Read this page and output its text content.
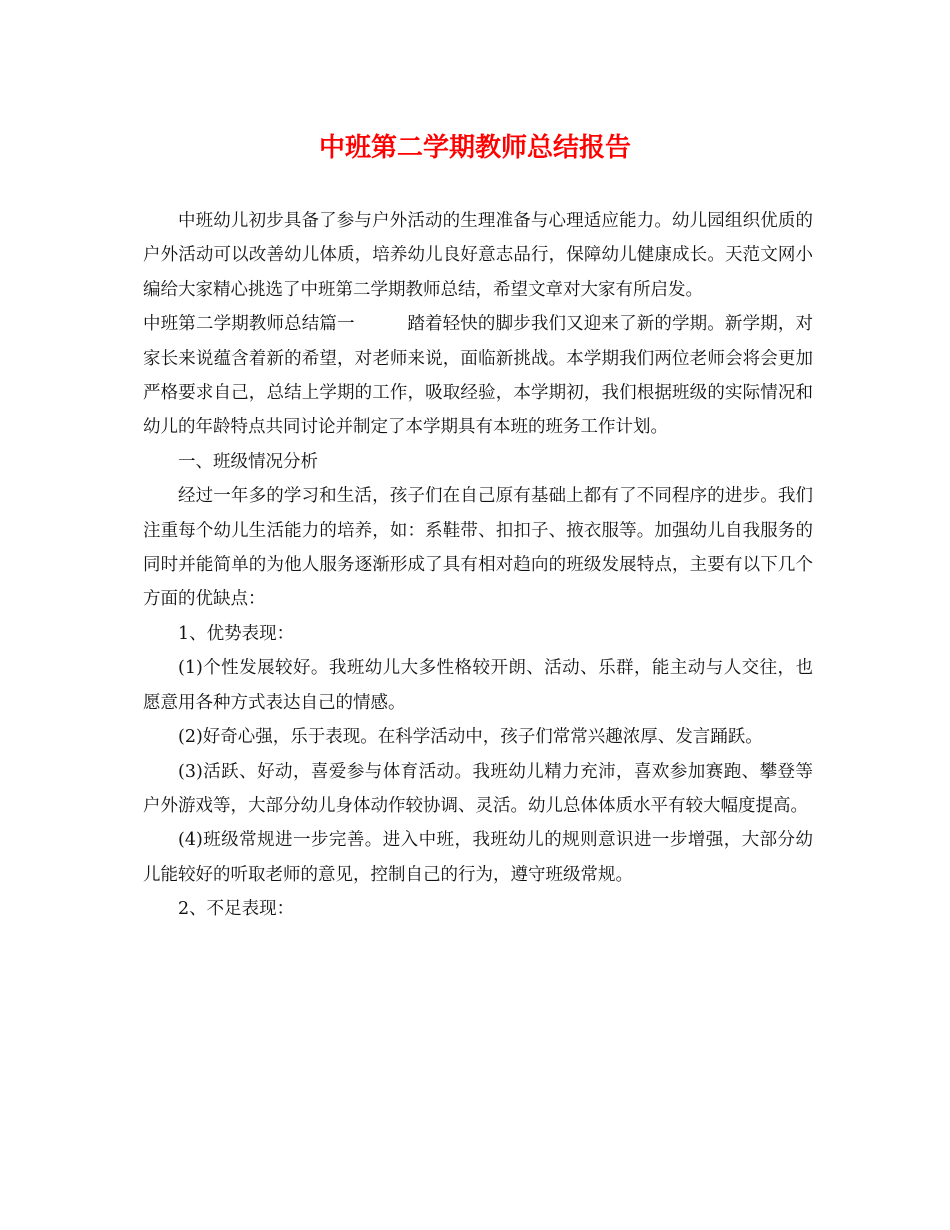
中班第二学期教师总结报告

中班幼儿初步具备了参与户外活动的生理准备与心理适应能力。幼儿园组织优质的户外活动可以改善幼儿体质，培养幼儿良好意志品行，保障幼儿健康成长。天范文网小编给大家精心挑选了中班第二学期教师总结，希望文章对大家有所启发。

中班第二学期教师总结篇一	踏着轻快的脚步我们又迎来了新的学期。新学期，对家长来说蕴含着新的希望，对老师来说，面临新挑战。本学期我们两位老师会将会更加严格要求自己，总结上学期的工作，吸取经验，本学期初，我们根据班级的实际情况和幼儿的年龄特点共同讨论并制定了本学期具有本班的班务工作计划。

一、班级情况分析

经过一年多的学习和生活，孩子们在自己原有基础上都有了不同程序的进步。我们注重每个幼儿生活能力的培养，如：系鞋带、扣扣子、掖衣服等。加强幼儿自我服务的同时并能简单的为他人服务逐渐形成了具有相对趋向的班级发展特点，主要有以下几个方面的优缺点：

1、优势表现：

(1)个性发展较好。我班幼儿大多性格较开朗、活动、乐群，能主动与人交往，也愿意用各种方式表达自己的情感。

(2)好奇心强，乐于表现。在科学活动中，孩子们常常兴趣浓厚、发言踊跃。

(3)活跃、好动，喜爱参与体育活动。我班幼儿精力充沛，喜欢参加赛跑、攀登等户外游戏等，大部分幼儿身体动作较协调、灵活。幼儿总体体质水平有较大幅度提高。

(4)班级常规进一步完善。进入中班，我班幼儿的规则意识进一步增强，大部分幼儿能较好的听取老师的意见，控制自己的行为，遵守班级常规。

2、不足表现：
